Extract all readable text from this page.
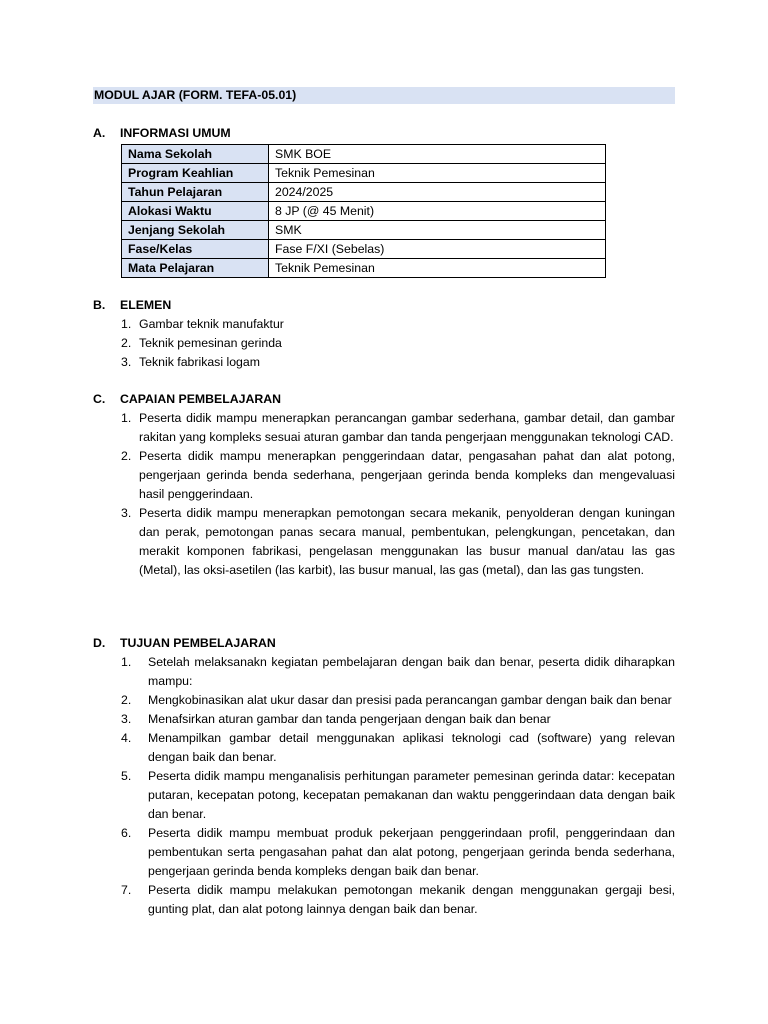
MODUL AJAR (FORM. TEFA-05.01)
A. INFORMASI UMUM
Nama Sekolah	SMK BOE
Program Keahlian	Teknik Pemesinan
Tahun Pelajaran	2024/2025
Alokasi Waktu	8 JP (@ 45 Menit)
Jenjang Sekolah	SMK
Fase/Kelas	Fase F/XI (Sebelas)
Mata Pelajaran	Teknik Pemesinan
B. ELEMEN
1. Gambar teknik manufaktur
2. Teknik pemesinan gerinda
3. Teknik fabrikasi logam
C. CAPAIAN PEMBELAJARAN
1. Peserta didik mampu menerapkan perancangan gambar sederhana, gambar detail, dan gambar rakitan yang kompleks sesuai aturan gambar dan tanda pengerjaan menggunakan teknologi CAD.
2. Peserta didik mampu menerapkan penggerindaan datar, pengasahan pahat dan alat potong, pengerjaan gerinda benda sederhana, pengerjaan gerinda benda kompleks dan mengevaluasi hasil penggerindaan.
3. Peserta didik mampu menerapkan pemotongan secara mekanik, penyolderan dengan kuningan dan perak, pemotongan panas secara manual, pembentukan, pelengkungan, pencetakan, dan merakit komponen fabrikasi, pengelasan menggunakan las busur manual dan/atau las gas (Metal), las oksi-asetilen (las karbit), las busur manual, las gas (metal), dan las gas tungsten.
D. TUJUAN PEMBELAJARAN
1. Setelah melaksanakn kegiatan pembelajaran dengan baik dan benar, peserta didik diharapkan mampu:
2. Mengkobinasikan alat ukur dasar dan presisi pada perancangan gambar dengan baik dan benar
3. Menafsirkan aturan gambar dan tanda pengerjaan dengan baik dan benar
4. Menampilkan gambar detail menggunakan aplikasi teknologi cad (software) yang relevan dengan baik dan benar.
5. Peserta didik mampu menganalisis perhitungan parameter pemesinan gerinda datar: kecepatan putaran, kecepatan potong, kecepatan pemakanan dan waktu penggerindaan data dengan baik dan benar.
6. Peserta didik mampu membuat produk pekerjaan penggerindaan profil, penggerindaan dan pembentukan serta pengasahan pahat dan alat potong, pengerjaan gerinda benda sederhana, pengerjaan gerinda benda kompleks dengan baik dan benar.
7. Peserta didik mampu melakukan pemotongan mekanik dengan menggunakan gergaji besi, gunting plat, dan alat potong lainnya dengan baik dan benar.
